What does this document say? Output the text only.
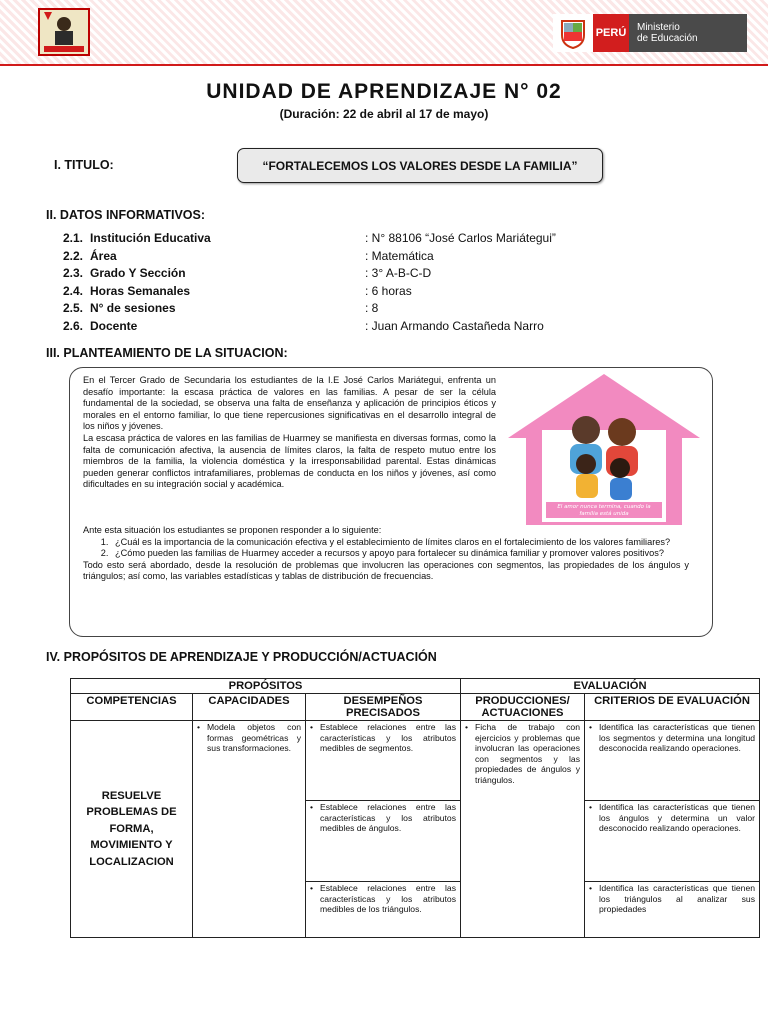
PERÚ Ministerio
de Educación
UNIDAD DE APRENDIZAJE N° 02
(Duración: 22 de abril al 17 de mayo)
I. TITULO:	“FORTALECEMOS LOS VALORES DESDE LA FAMILIA”
II. DATOS INFORMATIVOS:
2.1. Institución Educativa	: N° 88106 “José Carlos Mariátegui”
2.2. Área	: Matemática
2.3. Grado Y Sección	: 3° A-B-C-D
2.4. Horas Semanales	: 6 horas
2.5. N° de sesiones	: 8
2.6. Docente	: Juan Armando Castañeda Narro
III. PLANTEAMIENTO DE LA SITUACION:

En el Tercer Grado de Secundaria los estudiantes de la I.E José Carlos Mariátegui, enfrenta un desafío importante: la escasa práctica de valores en las familias. A pesar de ser la célula fundamental de la sociedad, se observa una falta de enseñanza y aplicación de principios éticos y morales en el entorno familiar, lo que tiene repercusiones significativas en el desarrollo integral de los niños y jóvenes.

La escasa práctica de valores en las familias de Huarmey se manifiesta en diversas formas, como la falta de comunicación afectiva, la ausencia de límites claros, la falta de respeto mutuo entre los miembros de la familia, la violencia doméstica y la irresponsabilidad parental. Estas dinámicas pueden generar conflictos intrafamiliares, problemas de conducta en los niños y jóvenes, así como dificultades en su integración social y académica.

Ante esta situación los estudiantes se proponen responder a lo siguiente:

1. ¿Cuál es la importancia de la comunicación efectiva y el establecimiento de límites claros en el fortalecimiento de los valores familiares?
2. ¿Cómo pueden las familias de Huarmey acceder a recursos y apoyo para fortalecer su dinámica familiar y promover valores positivos?

Todo esto será abordado, desde la resolución de problemas que involucren las operaciones con segmentos, las propiedades de los ángulos y triángulos; así como, las variables estadísticas y tablas de distribución de frecuencias.

El amor nunca termina, cuando la
familia está unida
IV. PROPÓSITOS DE APRENDIZAJE Y PRODUCCIÓN/ACTUACIÓN
PROPÓSITOS			EVALUACIÓN	
COMPETENCIAS	CAPACIDADES	DESEMPEÑOS PRECISADOS	PRODUCCIONES/ ACTUACIONES	CRITERIOS DE EVALUACIÓN
RESUELVE PROBLEMAS DE FORMA, MOVIMIENTO Y LOCALIZACION	• Modela objetos con formas geométricas y sus transformaciones.	• Establece relaciones entre las características y los atributos medibles de segmentos.	• Ficha de trabajo con ejercicios y problemas que involucran las operaciones con segmentos y las propiedades de ángulos y triángulos.	• Identifica las características que tienen los segmentos y determina una longitud desconocida realizando operaciones.

		• Establece relaciones entre las características y los atributos medibles de ángulos.		• Identifica las características que tienen los ángulos y determina un valor desconocido realizando operaciones.

		• Establece relaciones entre las características y los atributos medibles de los triángulos.		• Identifica las características que tienen los triángulos al analizar sus propiedades
